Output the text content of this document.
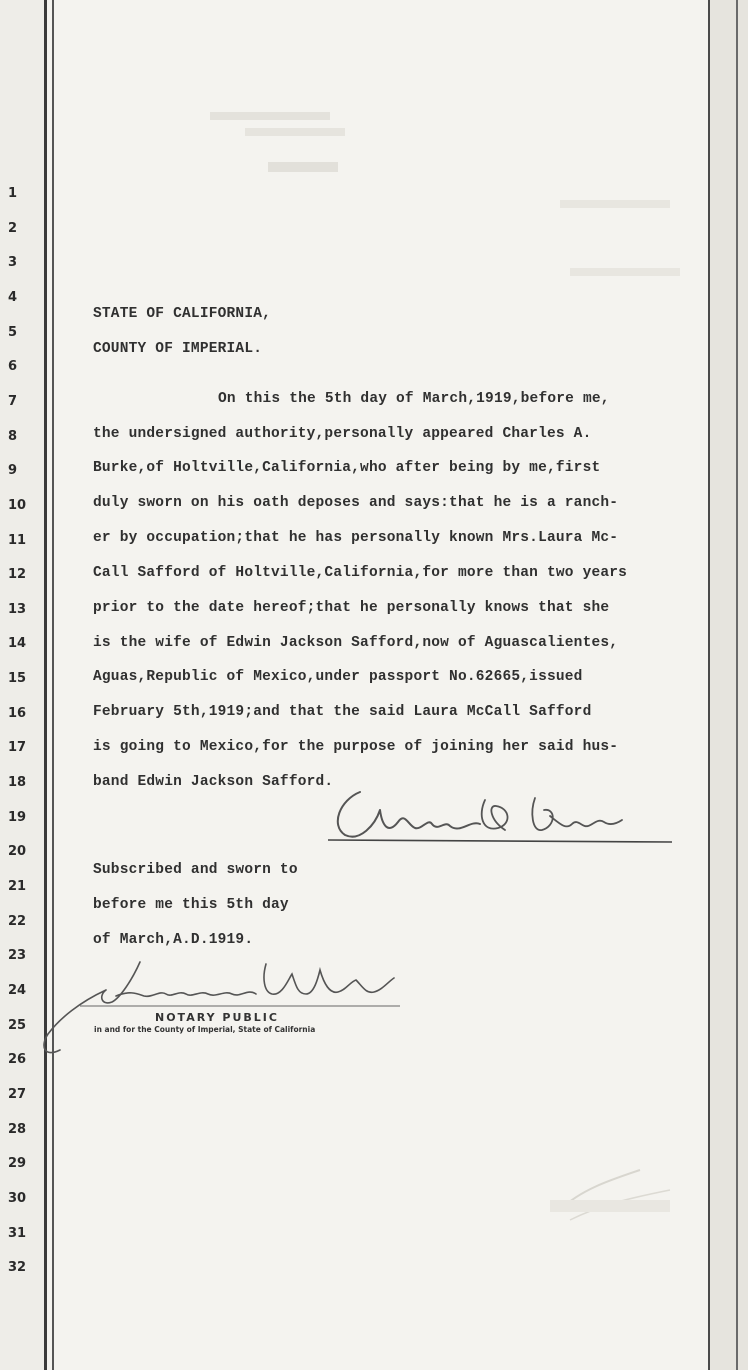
1
2
3
4
5
6
7
8
9
10
11
12
13
14
15
16
17
18
19
20
21
22
23
24
25
26
27
28
29
30
31
32
STATE OF CALIFORNIA,
COUNTY OF IMPERIAL.
On this the 5th day of March,1919,before me,
the undersigned authority,personally appeared Charles A.
Burke,of Holtville,California,who after being by me,first
duly sworn on his oath deposes and says:that he is a ranch-
er by occupation;that he has personally known Mrs.Laura Mc-
Call Safford of Holtville,California,for more than two years
prior to the date hereof;that he personally knows that she
is the wife of Edwin Jackson Safford,now of Aguascalientes,
Aguas,Republic of Mexico,under passport No.62665,issued
February 5th,1919;and that the said Laura McCall Safford
is going to Mexico,for the purpose of joining her said hus-
band Edwin Jackson Safford.
Subscribed and sworn to
before me this 5th day
of March,A.D.1919.
NOTARY PUBLIC
in and for the County of Imperial, State of California
